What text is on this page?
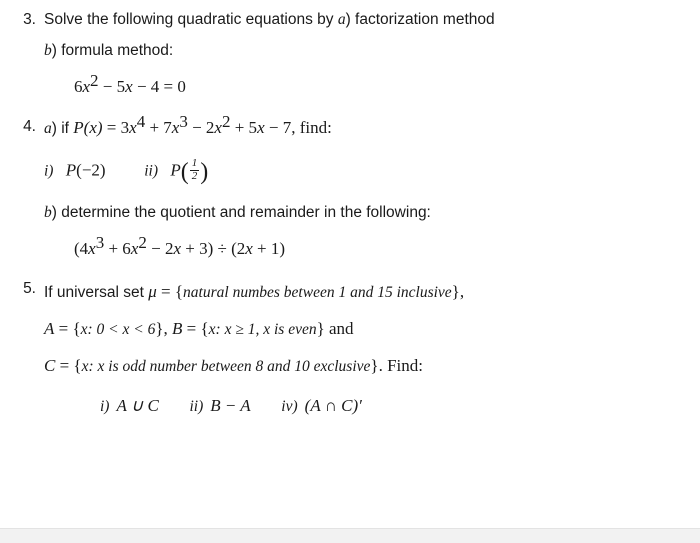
3. Solve the following quadratic equations by a) factorization method
b) formula method:
$6x^2 - 5x - 4 = 0$
4. a) if $P(x) = 3x^4 + 7x^3 - 2x^2 + 5x - 7$, find:
i) P(−2) ii) $P( \frac{1}{2}$ )
b) determine the quotient and remainder in the following:
$(4x^3 + 6x^2 - 2x + 3) \div (2x + 1)$
5. If universal set μ = {natural numbes between 1 and 15 inclusive},
A = {x: 0 < x < 6}, B = {x: x ≥ 1, x is even} and
C = {x: x is odd number between 8 and 10 exclusive}. Find:
i) A ∪ C ii) B − A iv) (A ∩ C)′
